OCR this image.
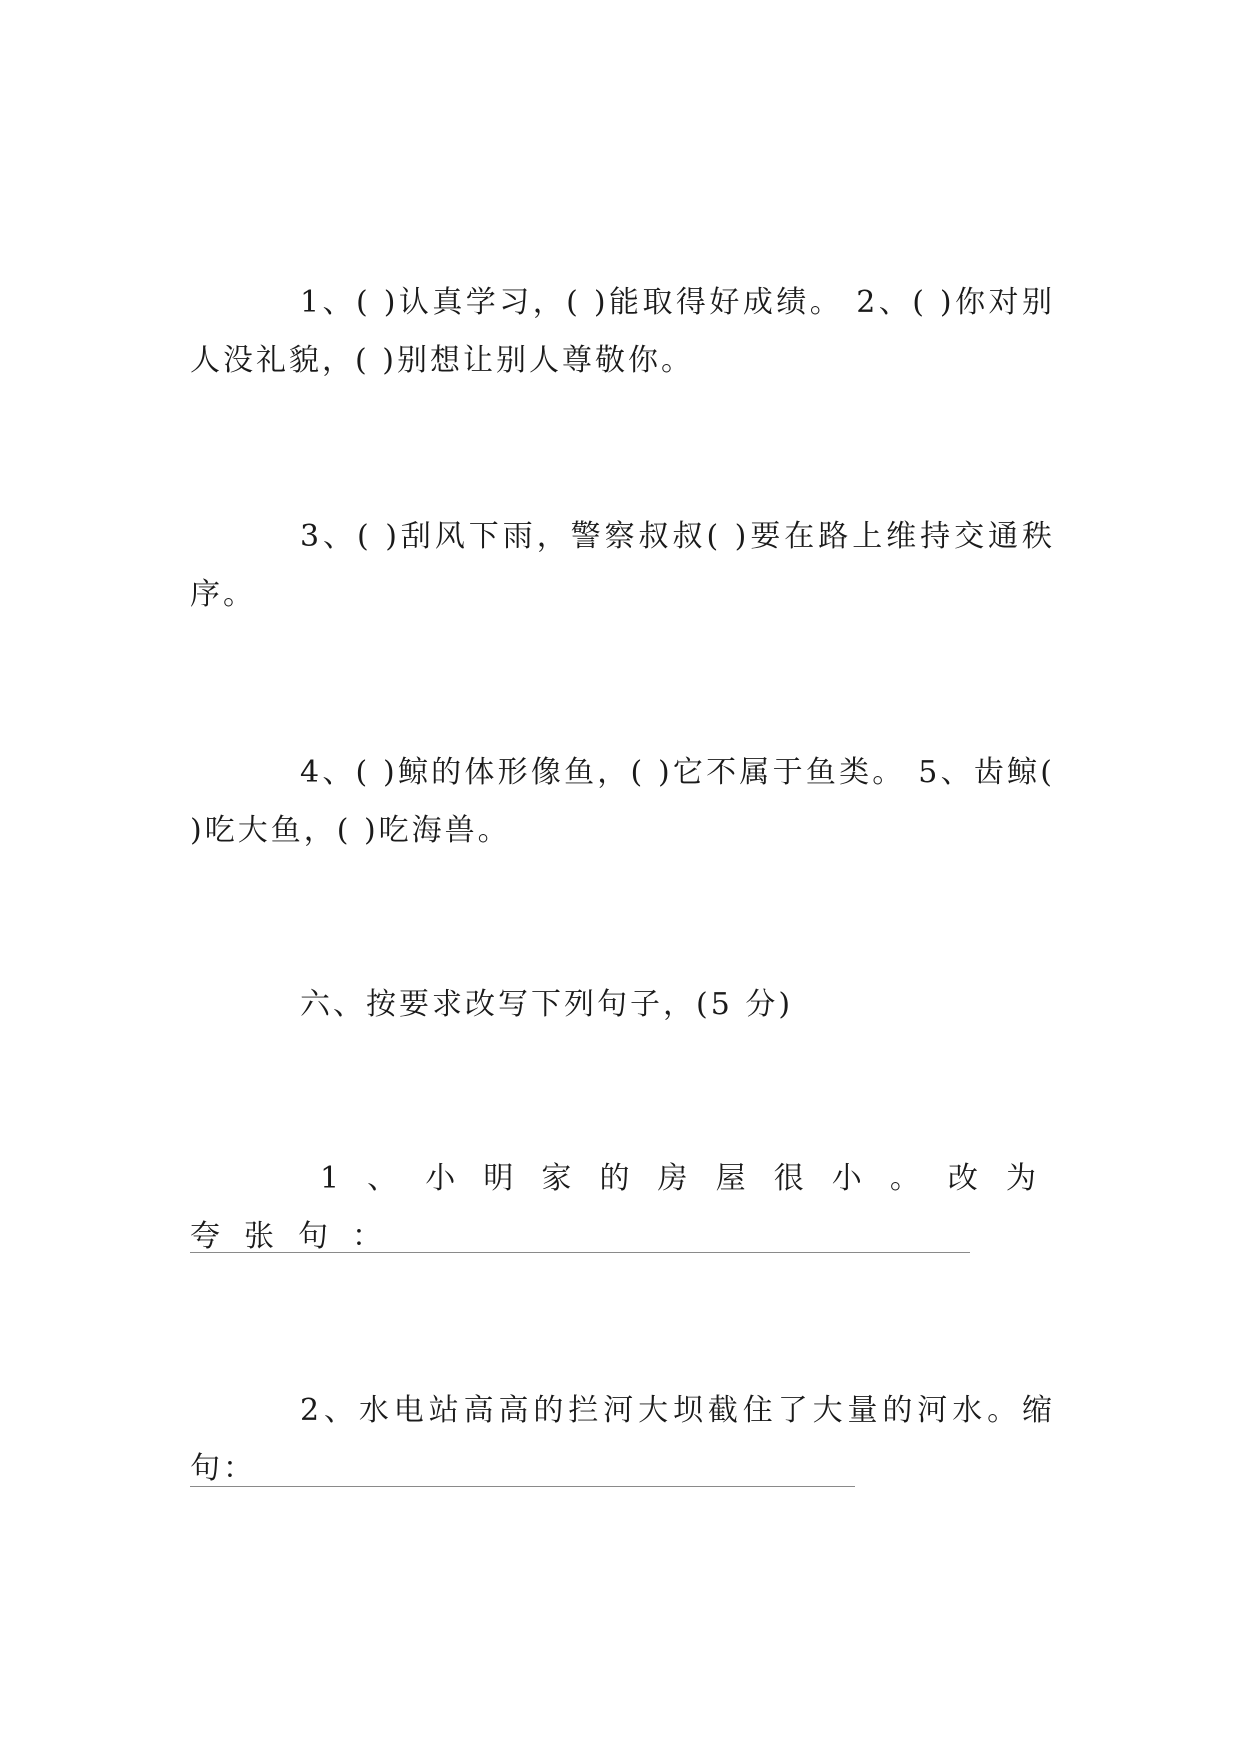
1、( )认真学习，( )能取得好成绩。 2、( )你对别人没礼貌，( )别想让别人尊敬你。

3、( )刮风下雨，警察叔叔( )要在路上维持交通秩序。

4、( )鲸的体形像鱼，( )它不属于鱼类。 5、齿鲸( )吃大鱼，( )吃海兽。

六、按要求改写下列句子，(5 分)

1、小明家的房屋很小。改为夸张句：

2、水电站高高的拦河大坝截住了大量的河水。缩句：
